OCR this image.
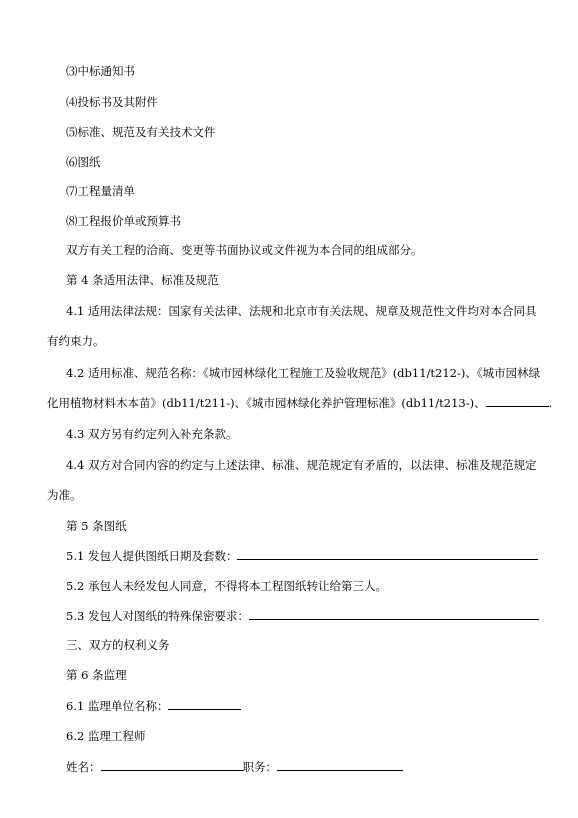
⑶中标通知书
⑷投标书及其附件
⑸标准、规范及有关技术文件
⑹图纸
⑺工程量清单
⑻工程报价单或预算书
双方有关工程的洽商、变更等书面协议或文件视为本合同的组成部分。
第 4 条适用法律、标准及规范
4.1 适用法律法规：国家有关法律、法规和北京市有关法规、规章及规范性文件均对本合同具
有约束力。
4.2 适用标准、规范名称：《城市园林绿化工程施工及验收规范》(db11/t212-)、《城市园林绿
化用植物材料木本苗》(db11/t211-)、《城市园林绿化养护管理标准》(db11/t213-)、	.
4.3 双方另有约定列入补充条款。
4.4 双方对合同内容的约定与上述法律、标准、规范规定有矛盾的，以法律、标准及规范规定
为准。
第 5 条图纸
5.1 发包人提供图纸日期及套数：
5.2 承包人未经发包人同意，不得将本工程图纸转让给第三人。
5.3 发包人对图纸的特殊保密要求：
三、双方的权利义务
第 6 条监理
6.1 监理单位名称：
6.2 监理工程师
姓名：	职务：
